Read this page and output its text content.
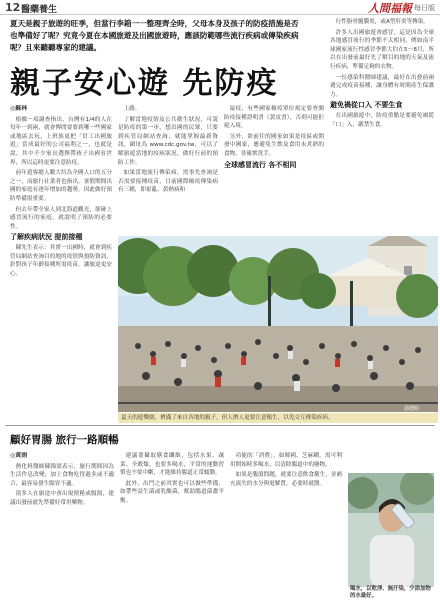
12 醫藥養生	人間福報 每日版
夏天是親子旅遊的旺季，但當行李箱一一整理齊全時，父母本身及孩子的防疫措施是否也準備好了呢？究竟今夏在本國旅遊及出國旅遊時，應該防範哪些流行疾病或傳染疾病呢？且來聽聽專家的建議。
親子安心遊 先防疫

◎蘇林

根據一項調查指出，台灣有1/4的人在每年一到兩，就會傳問要要到哪一些國家或地區去玩，上班族更把「員工出國旅遊」當成最好的公司福利之一，也就是說，其中不少家長選擇帶孩子出國看世界，所以這時更要注意防疫。

前年遊客總人數大約為全國人口的五分之一，而旅行社業者也指出，暑假期間出國的家庭有逐年增加的趨勢，因此做好預防準備很重要。

但去年帶全家人到北海道觀光，卻碰上感冒流行的家庭，就說明了預防的必要性。

了解疾病狀況 提前接種

陳先生表示：其實一出國時，就會到疾管局網站查詢目的地的疫情與預防資訊，針對孩子年齡接種所需疫苗，讓旅途更安心。

上路。

了解當地疫情及公共衛生狀況，可說是防疫的第一步，想出國的民眾，只要到疾管局網站查詢，就能掌握最新資訊，網址為 www.cdc.gov.tw，可以了解旅遊當地的疫病狀況，做好行前的預防工作。

如果當地流行傳染病，需事先查詢是否需要接種疫苗，目前國際檢疫傳染病有三種，即霍亂、黃熱病和

鼠疫，有些國家檢疫單位規定要查閱防疫接種證明書（黃皮書），否則可能拒絕入境。

另外，欲前往的國家如果是疫區或開發中國家，應避免生飲及食用未煮熟的食物，並確實洗手。

全球感冒流行 各不相同

行性脂骨髓膜炎，或A型肝炎等傳染。

許多人出國旅遊會感冒，這是因為全球各地感冒流行的季節不太相同，例如南半球國家流行性感冒季節大約在5～8月，所以在出發前最好先了解目的地的天氣及流行疾病，準備足夠的衣物。

一位感染科醫師建議，最好在出發前兩週完成疫苗接種，讓身體有時間產生保護力。

避免禍從口入 不要生食

在出國旅遊中，防疫重點是要避免禍從「口」入，嚴禁生食。

夏天的遊樂園，擠滿了來自各地的親子，但人擠人更要注意衛生，以免交互傳染疾病。
郭德明
顧好胃腸 旅行一路順暢

◎黃娟

熱化料醫師陳錦榮表示，旅行期間因為生活作息改變，加上食物吃得過多或不適合，最容易發生腸胃不適。

很多人在旅途中會出現便秘或腹瀉，建議出發前就先準備好常用藥物。

建議要攝取膳食纖維，包括水果、蔬菜、全穀類，也要多喝水，平常的運動習慣也不要中斷，才能維持腸道正常蠕動。

此外，出門之前其實也可以做些準備，如帶些益生菌或乳酸菌，幫助腸道菌叢平衡。

功能的「消費」，如韓國、芝麻糊，需可利用開始時多喝水，以清除腸道中的廢物。

如果是腹瀉問題，就要注意飲食衛生，並補充流失的水分與電解質，必要時就醫。

喝水，以乾淨、無汙染，少添加物的水最好。
